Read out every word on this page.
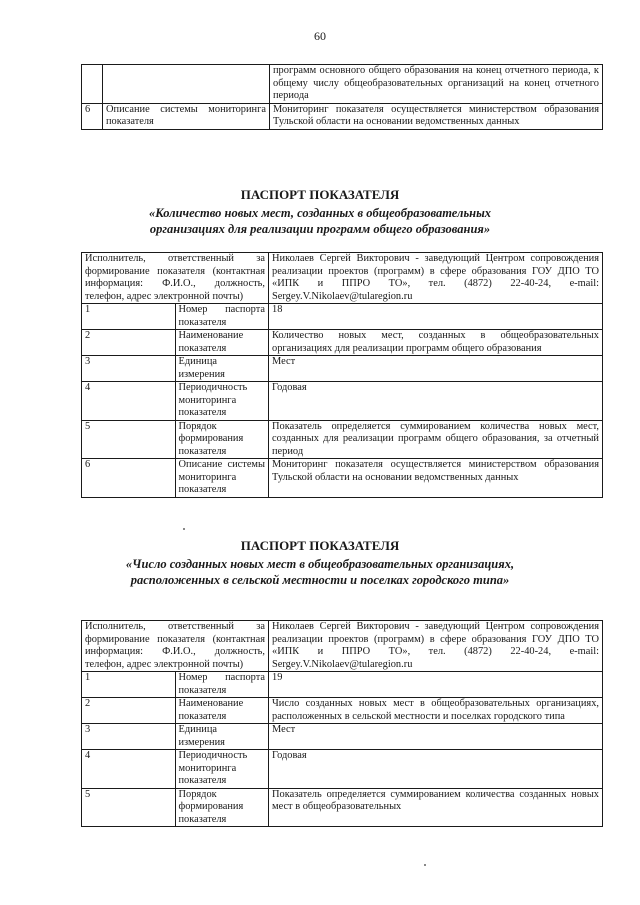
60
		программ основного общего образования на конец отчетного периода, к общему числу общеобразовательных организаций на конец отчетного периода
6	Описание системы мониторинга показателя	Мониторинг показателя осуществляется министерством образования Тульской области на основании ведомственных данных
ПАСПОРТ ПОКАЗАТЕЛЯ
«Количество новых мест, созданных в общеобразовательных организациях для реализации программ общего образования»
Исполнитель, ответственный за формирование показателя (контактная информация: Ф.И.О., должность, телефон, адрес электронной почты)		Николаев Сергей Викторович - заведующий Центром сопровождения реализации проектов (программ) в сфере образования ГОУ ДПО ТО «ИПК и ППРО ТО», тел. (4872) 22-40-24, e-mail: Sergey.V.Nikolaev@tularegion.ru
1	Номер паспорта показателя	18
2	Наименование показателя	Количество новых мест, созданных в общеобразовательных организациях для реализации программ общего образования
3	Единица измерения	Мест
4	Периодичность мониторинга показателя	Годовая
5	Порядок формирования показателя	Показатель определяется суммированием количества новых мест, созданных для реализации программ общего образования, за отчетный период
6	Описание системы мониторинга показателя	Мониторинг показателя осуществляется министерством образования Тульской области на основании ведомственных данных
ПАСПОРТ ПОКАЗАТЕЛЯ
«Число созданных новых мест в общеобразовательных организациях, расположенных в сельской местности и поселках городского типа»
Исполнитель, ответственный за формирование показателя (контактная информация: Ф.И.О., должность, телефон, адрес электронной почты)		Николаев Сергей Викторович - заведующий Центром сопровождения реализации проектов (программ) в сфере образования ГОУ ДПО ТО «ИПК и ППРО ТО», тел. (4872) 22-40-24, e-mail: Sergey.V.Nikolaev@tularegion.ru
1	Номер паспорта показателя	19
2	Наименование показателя	Число созданных новых мест в общеобразовательных организациях, расположенных в сельской местности и поселках городского типа
3	Единица измерения	Мест
4	Периодичность мониторинга показателя	Годовая
5	Порядок формирования показателя	Показатель определяется суммированием количества созданных новых мест в общеобразовательных
